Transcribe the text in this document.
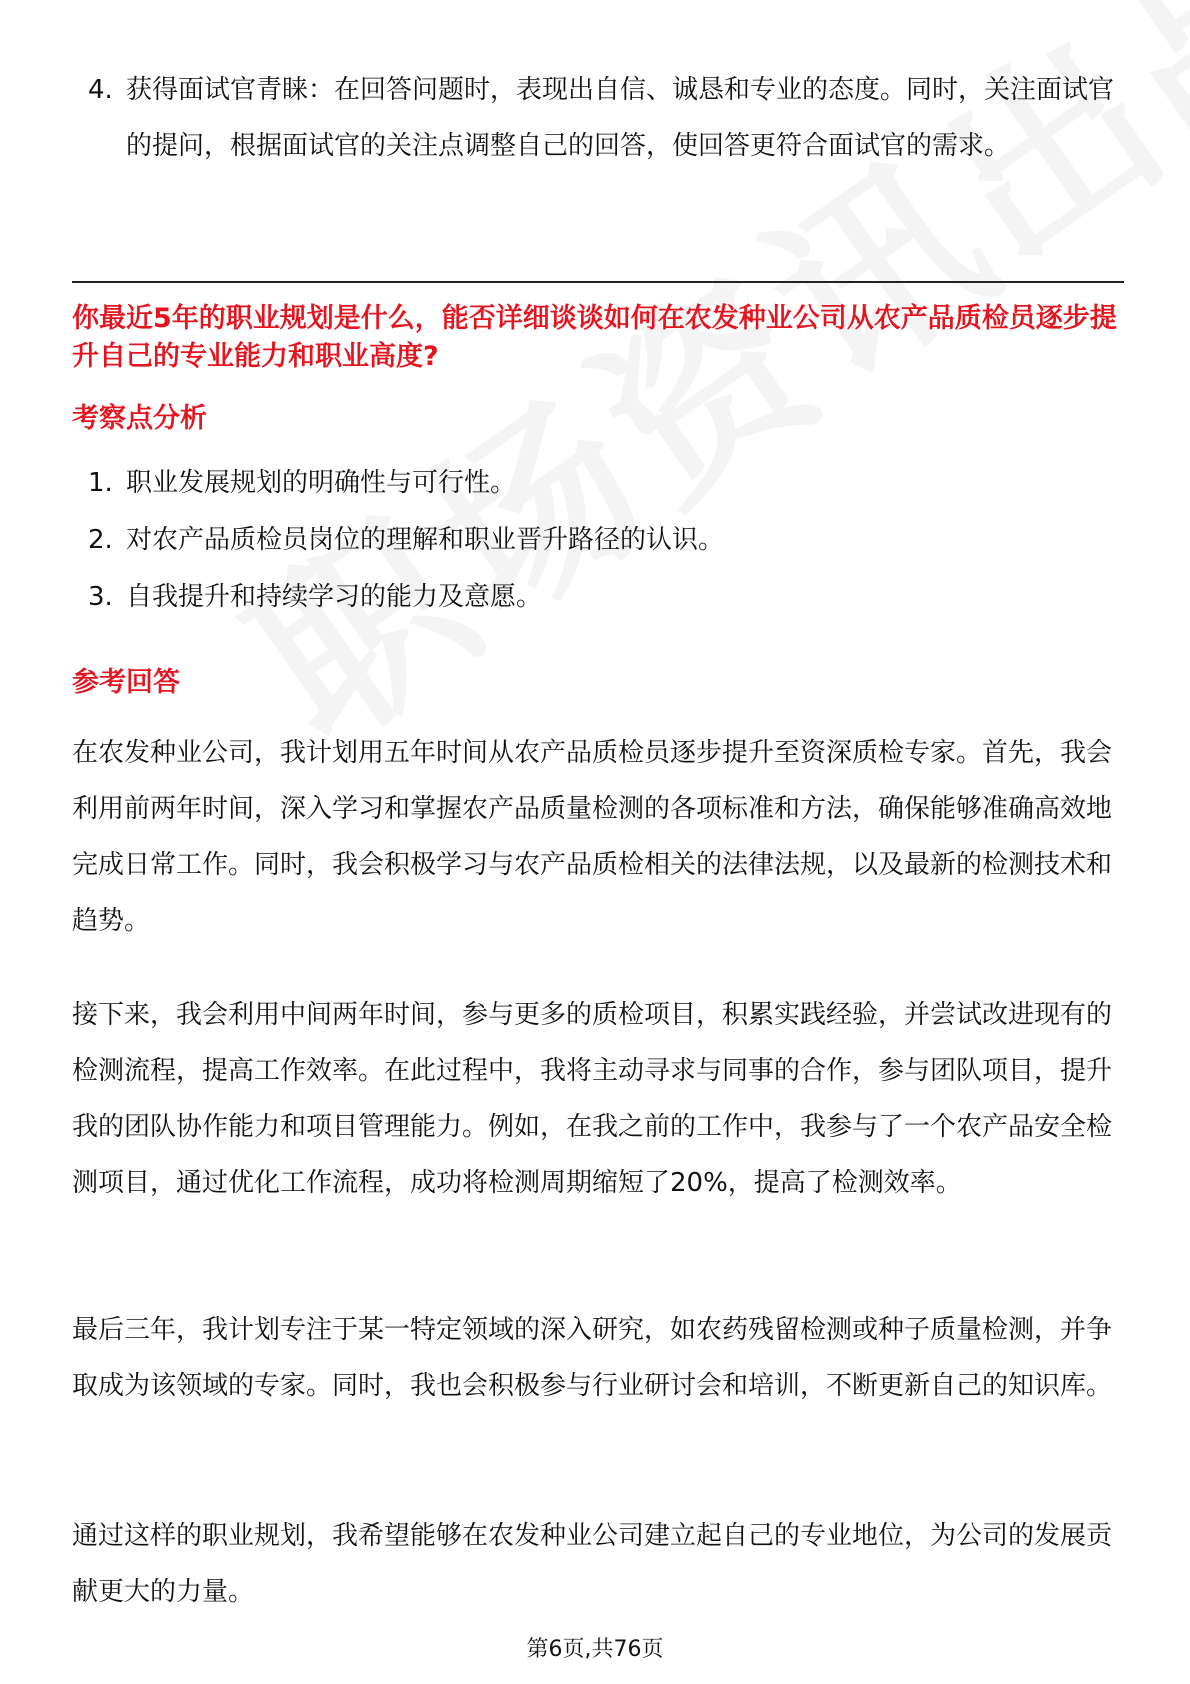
4. 获得面试官青睐：在回答问题时，表现出自信、诚恳和专业的态度。同时，关注面试官的提问，根据面试官的关注点调整自己的回答，使回答更符合面试官的需求。
你最近5年的职业规划是什么，能否详细谈谈如何在农发种业公司从农产品质检员逐步提升自己的专业能力和职业高度?
考察点分析
1. 职业发展规划的明确性与可行性。
2. 对农产品质检员岗位的理解和职业晋升路径的认识。
3. 自我提升和持续学习的能力及意愿。
参考回答

在农发种业公司，我计划用五年时间从农产品质检员逐步提升至资深质检专家。首先，我会利用前两年时间，深入学习和掌握农产品质量检测的各项标准和方法，确保能够准确高效地完成日常工作。同时，我会积极学习与农产品质检相关的法律法规，以及最新的检测技术和趋势。

接下来，我会利用中间两年时间，参与更多的质检项目，积累实践经验，并尝试改进现有的检测流程，提高工作效率。在此过程中，我将主动寻求与同事的合作，参与团队项目，提升我的团队协作能力和项目管理能力。例如，在我之前的工作中，我参与了一个农产品安全检测项目，通过优化工作流程，成功将检测周期缩短了20%，提高了检测效率。

最后三年，我计划专注于某一特定领域的深入研究，如农药残留检测或种子质量检测，并争取成为该领域的专家。同时，我也会积极参与行业研讨会和培训，不断更新自己的知识库。

通过这样的职业规划，我希望能够在农发种业公司建立起自己的专业地位，为公司的发展贡献更大的力量。

第6页,共76页
